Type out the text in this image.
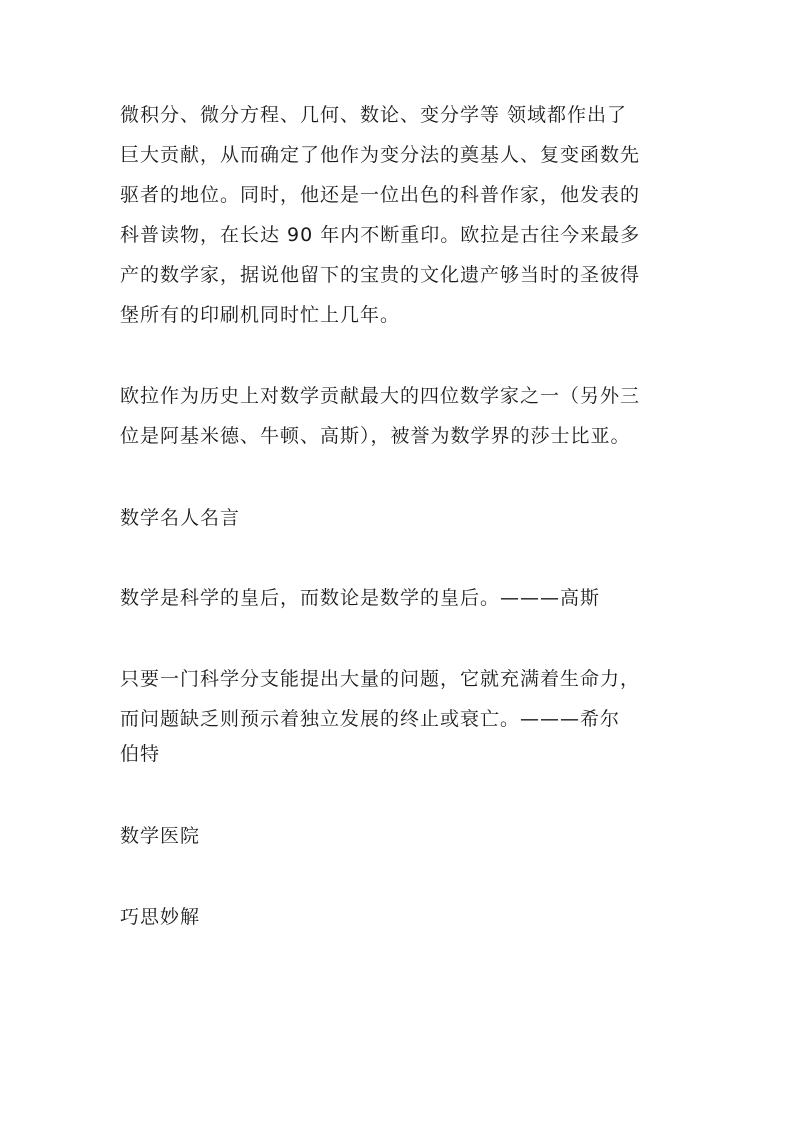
微积分、微分方程、几何、数论、变分学等 领域都作出了
巨大贡献，从而确定了他作为变分法的奠基人、复变函数先
驱者的地位。同时，他还是一位出色的科普作家，他发表的
科普读物，在长达 90 年内不断重印。欧拉是古往今来最多
产的数学家，据说他留下的宝贵的文化遗产够当时的圣彼得
堡所有的印刷机同时忙上几年。
欧拉作为历史上对数学贡献最大的四位数学家之一（另外三
位是阿基米德、牛顿、高斯），被誉为数学界的莎士比亚。
数学名人名言
数学是科学的皇后，而数论是数学的皇后。———高斯
只要一门科学分支能提出大量的问题，它就充满着生命力，
而问题缺乏则预示着独立发展的终止或衰亡。———希尔
伯特
数学医院
巧思妙解
